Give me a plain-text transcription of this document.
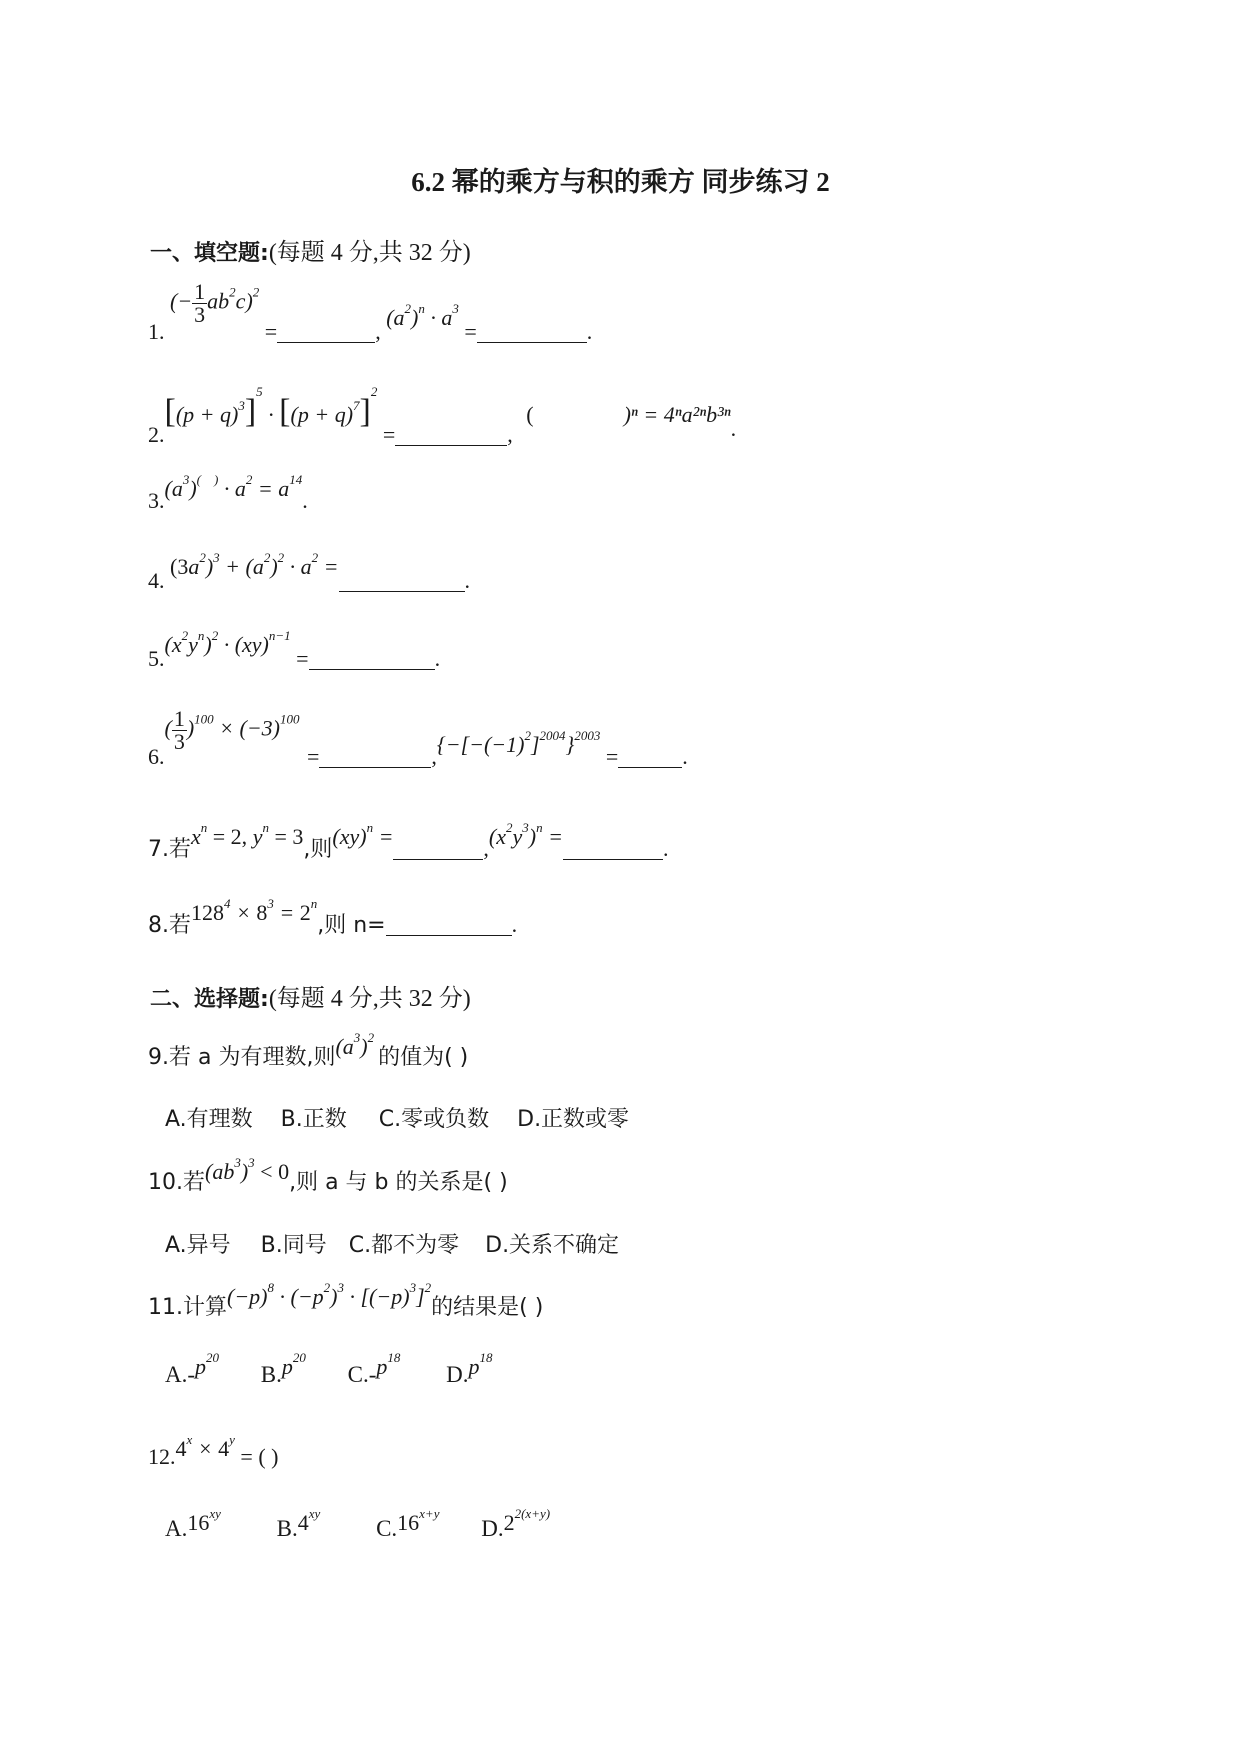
6.2 幂的乘方与积的乘方 同步练习 2
一、填空题:(每题 4 分,共 32 分)
1. (− $\frac{1}{3} ab^2c)^2$ =	, $(a^2)^n \cdot a^3$ =	.
$2.[(p + q)^3]^5 \cdot [(p + q)^7]^2$ =	, (	)ⁿ = 4ⁿa²ⁿb³ⁿ.
$3.(a^3)^{( )} \cdot a^2 = a^{14}$.
4. $(3a^2)^3 + (a^2)^2 \cdot a^2$ =.
$5.(x^2y^n)^2 \cdot (xy)^{n-1}$ =	.
$6.( \frac{1}{3} )^{100} \times (-3)^{100}$ =	$,\{-[-(-1)^2]^{2004}\}^{2003}$ =	.
7.若$x^n = 2$, $y^n = 3$,则(xy)$^n$ =	$,(x^2y^3)^n$ =	.
8.若$128^4 \times 8^3 = 2^n$,则 n=	.
二、选择题:(每题 4 分,共 32 分)
9.若 a 为有理数,则$(a^3)^2$的值为( )
A.有理数 B.正数 C.零或负数 D.正数或零
10.若$(ab^3)^3 < 0$,则 a 与 b 的关系是( )
A.异号 B.同号 C.都不为零 D.关系不确定
11.计算$(-p)^8 \cdot (-p^2)^3 \cdot [(-p)^3]^2$的结果是( )
$A.-p^{20}$ $B.p^{20}$ $C.-p^{18}$ $D.p^{18}$
$12.4^x \times 4^y$ = ( )
$A.16^{xy}$ $B.4^{xy}$ $C.16^{x+y}$ $D.2^{2(x+y)}$
